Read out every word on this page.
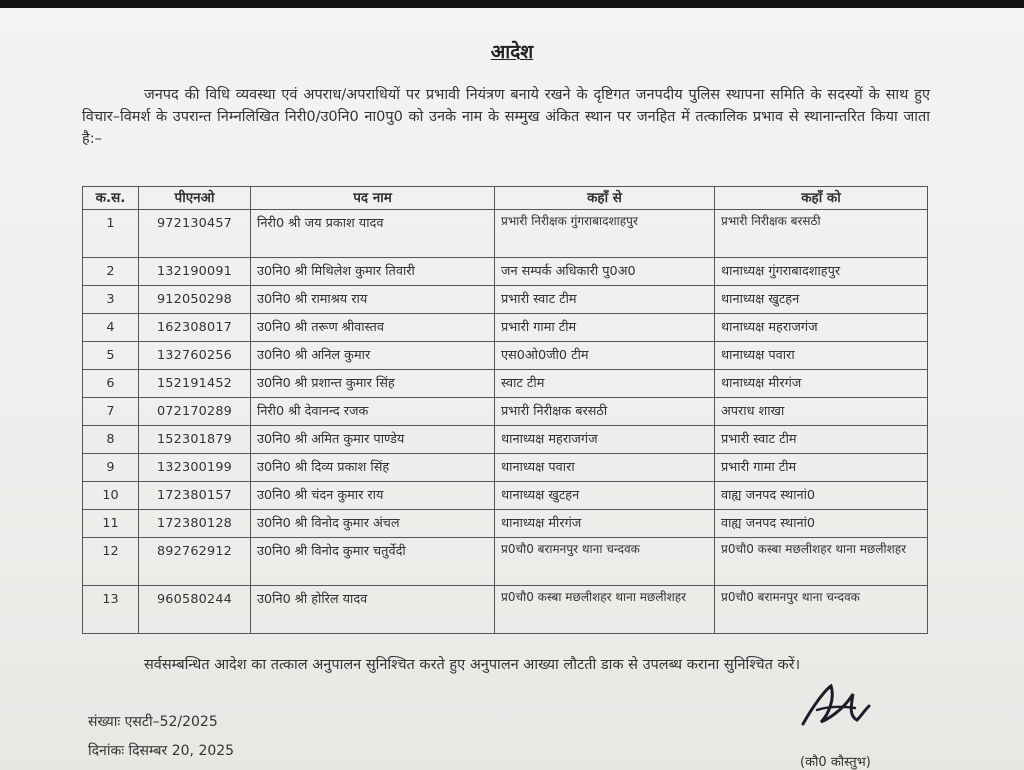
आदेश

जनपद की विधि व्यवस्था एवं अपराध/अपराधियों पर प्रभावी नियंत्रण बनाये रखने के दृष्टिगत जनपदीय पुलिस स्थापना समिति के सदस्यों के साथ हुए विचार–विमर्श के उपरान्त निम्नलिखित निरी0/उ0नि0 ना0पु0 को उनके नाम के सम्मुख अंकित स्थान पर जनहित में तत्कालिक प्रभाव से स्थानान्तरित किया जाता है:–

क.स.	पीएनओ	पद नाम	कहाँ से	कहाँ को
1	972130457	निरी0 श्री जय प्रकाश यादव	प्रभारी निरीक्षक गुंगराबादशाहपुर	प्रभारी निरीक्षक बरसठी
2	132190091	उ0नि0 श्री मिथिलेश कुमार तिवारी	जन सम्पर्क अधिकारी पु0अ0	थानाध्यक्ष गुंगराबादशाहपुर
3	912050298	उ0नि0 श्री रामाश्रय राय	प्रभारी स्वाट टीम	थानाध्यक्ष खुटहन
4	162308017	उ0नि0 श्री तरूण श्रीवास्तव	प्रभारी गामा टीम	थानाध्यक्ष महराजगंज
5	132760256	उ0नि0 श्री अनिल कुमार	एस0ओ0जी0 टीम	थानाध्यक्ष पवारा
6	152191452	उ0नि0 श्री प्रशान्त कुमार सिंह	स्वाट टीम	थानाध्यक्ष मीरगंज
7	072170289	निरी0 श्री देवानन्द रजक	प्रभारी निरीक्षक बरसठी	अपराध शाखा
8	152301879	उ0नि0 श्री अमित कुमार पाण्डेय	थानाध्यक्ष महराजगंज	प्रभारी स्वाट टीम
9	132300199	उ0नि0 श्री दिव्य प्रकाश सिंह	थानाध्यक्ष पवारा	प्रभारी गामा टीम
10	172380157	उ0नि0 श्री चंदन कुमार राय	थानाध्यक्ष खुटहन	वाह्य जनपद स्थानां0
11	172380128	उ0नि0 श्री विनोद कुमार अंचल	थानाध्यक्ष मीरगंज	वाह्य जनपद स्थानां0
12	892762912	उ0नि0 श्री विनोद कुमार चतुर्वेदी	प्र0चौ0 बरामनपुर थाना चन्दवक	प्र0चौ0 कस्बा मछलीशहर थाना मछलीशहर
13	960580244	उ0नि0 श्री होरिल यादव	प्र0चौ0 कस्बा मछलीशहर थाना मछलीशहर	प्र0चौ0 बरामनपुर थाना चन्दवक

सर्वसम्बन्धित आदेश का तत्काल अनुपालन सुनिश्चित करते हुए अनुपालन आख्या लौटती डाक से उपलब्ध कराना सुनिश्चित करें।

संख्याः एसटी–52/2025
दिनांकः दिसम्बर 20, 2025
(कौ0 कौस्तुभ)
